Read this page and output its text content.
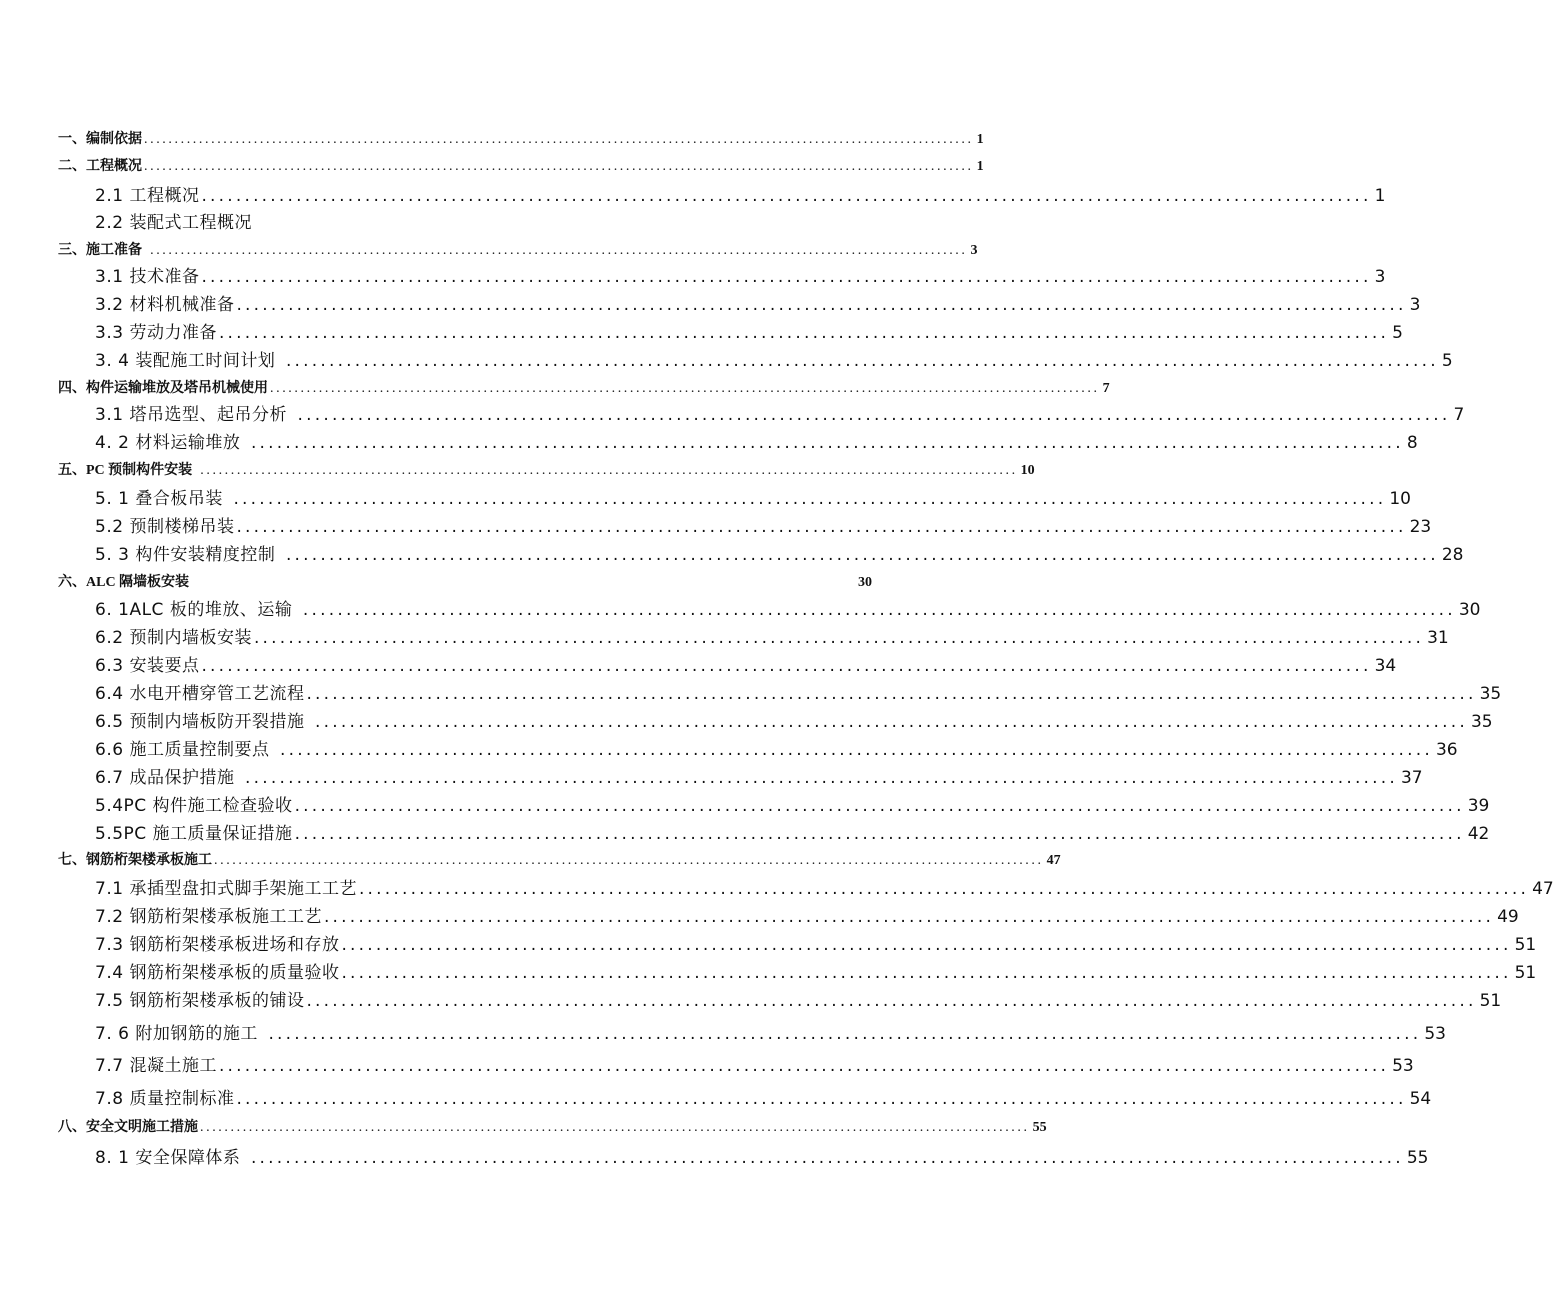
一、编制依据 ........................................................................................................................................ 1
二、工程概况 ........................................................................................................................................ 1
2.1 工程概况 ........................................................................................................................................ 1
2.2 装配式工程概况
三、施工准备 ...................................................................................................................................... 3
3.1 技术准备 ........................................................................................................................................ 3
3.2 材料机械准备 ........................................................................................................................................ 3
3.3 劳动力准备 ........................................................................................................................................ 5
3. 4 装配施工时间计划 ...................................................................................................................................... 5
四、构件运输堆放及塔吊机械使用 ........................................................................................................................................ 7
3.1 塔吊选型、起吊分析 ...................................................................................................................................... 7
4. 2 材料运输堆放 ...................................................................................................................................... 8
五、PC 预制构件安装 ...................................................................................................................................... 10
5. 1 叠合板吊装 ...................................................................................................................................... 10
5.2 预制楼梯吊装 ........................................................................................................................................ 23
5. 3 构件安装精度控制 ...................................................................................................................................... 28
六、ALC 隔墙板安装	30
6. 1ALC 板的堆放、运输 ...................................................................................................................................... 30
6.2 预制内墙板安装 ........................................................................................................................................ 31
6.3 安装要点 ........................................................................................................................................ 34
6.4 水电开槽穿管工艺流程 ........................................................................................................................................ 35
6.5 预制内墙板防开裂措施 ...................................................................................................................................... 35
6.6 施工质量控制要点 ...................................................................................................................................... 36
6.7 成品保护措施 ...................................................................................................................................... 37
5.4PC 构件施工检查验收 ........................................................................................................................................ 39
5.5PC 施工质量保证措施 ........................................................................................................................................ 42
七、钢筋桁架楼承板施工 ........................................................................................................................................ 47
7.1 承插型盘扣式脚手架施工工艺 ........................................................................................................................................ 47
7.2 钢筋桁架楼承板施工工艺 ........................................................................................................................................ 49
7.3 钢筋桁架楼承板进场和存放 ........................................................................................................................................ 51
7.4 钢筋桁架楼承板的质量验收 ........................................................................................................................................ 51
7.5 钢筋桁架楼承板的铺设 ........................................................................................................................................ 51
7. 6 附加钢筋的施工 ...................................................................................................................................... 53
7.7 混凝土施工 ........................................................................................................................................ 53
7.8 质量控制标准 ........................................................................................................................................ 54
八、安全文明施工措施 ........................................................................................................................................ 55
8. 1 安全保障体系 ...................................................................................................................................... 55
